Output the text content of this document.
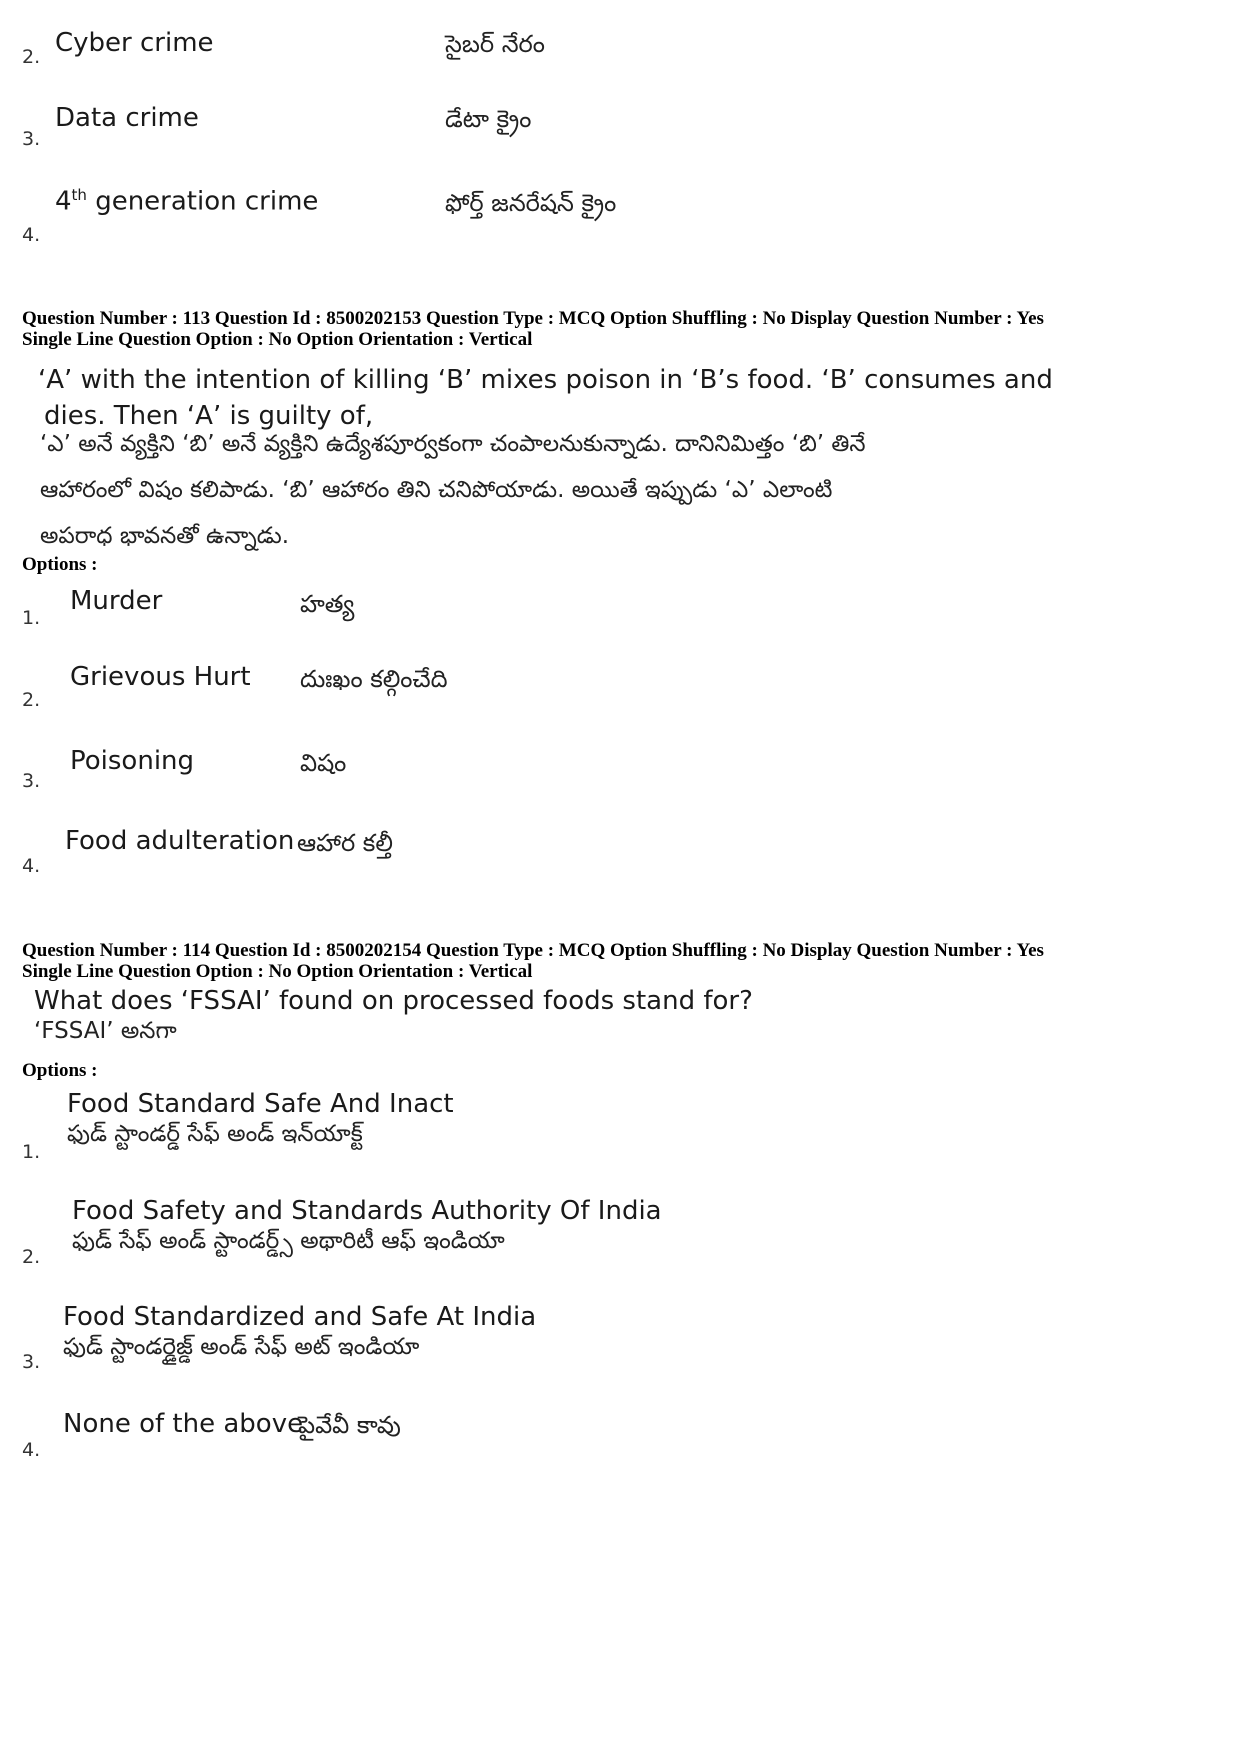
2. Cyber crime	సైబర్ నేరం
3.
Data crime	డేటా క్రైం
4.
4th generation crime	ఫోర్త్ జనరేషన్ క్రైం
Question Number : 113 Question Id : 8500202153 Question Type : MCQ Option Shuffling : No Display Question Number : Yes
Single Line Question Option : No Option Orientation : Vertical
‘A’ with the intention of killing ‘B’ mixes poison in ‘B’s food. ‘B’ consumes and
dies. Then ‘A’ is guilty of,
‘ఎ’ అనే వ్యక్తిని ‘బి’ అనే వ్యక్తిని ఉద్యేశపూర్వకంగా చంపాలనుకున్నాడు. దానినిమిత్తం ‘బి’ తినే
ఆహారంలో విషం కలిపాడు. ‘బి’ ఆహారం తిని చనిపోయాడు. అయితే ఇప్పుడు ‘ఎ’ ఎలాంటి
అపరాధ భావనతో ఉన్నాడు.
Options :
1.
Murder	హత్య
2.
Grievous Hurt దుఃఖం కల్గించేది
3.
Poisoning	విషం
4.
Food adulteration ఆహార కల్తీ
Question Number : 114 Question Id : 8500202154 Question Type : MCQ Option Shuffling : No Display Question Number : Yes
Single Line Question Option : No Option Orientation : Vertical
What does ‘FSSAI’ found on processed foods stand for?
‘FSSAI’ అనగా
Options :
1.
Food Standard Safe And Inact
ఫుడ్ స్టాండర్డ్ సేఫ్ అండ్ ఇన్‌యాక్ట్
2.
Food Safety and Standards Authority Of India
ఫుడ్ సేఫ్ అండ్ స్టాండర్డ్స్ అథారిటీ ఆఫ్ ఇండియా
3.
Food Standardized and Safe At India
ఫుడ్ స్టాండర్డైజ్డ్ అండ్ సేఫ్ అట్ ఇండియా
4.
None of the above
పైవేవీ కావు
